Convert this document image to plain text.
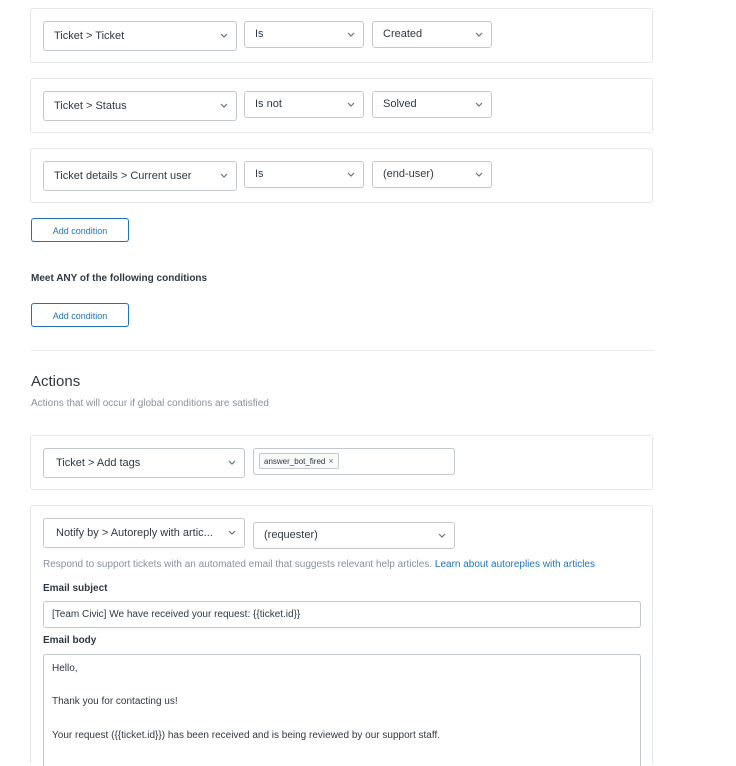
Ticket > Ticket	Is	Created
Ticket > Status	Is not	Solved
Ticket details > Current user	Is	(end-user)
Add condition
Meet ANY of the following conditions
Add condition
Actions
Actions that will occur if global conditions are satisfied
Ticket > Add tags	answer_bot_fired ×
Notify by > Autoreply with artic...	(requester)
Respond to support tickets with an automated email that suggests relevant help articles. Learn about autoreplies with articles
Email subject
[Team Civic] We have received your request: {{ticket.id}}
Email body
Hello,
Thank you for contacting us!
Your request ({{ticket.id}}) has been received and is being reviewed by our support staff.
